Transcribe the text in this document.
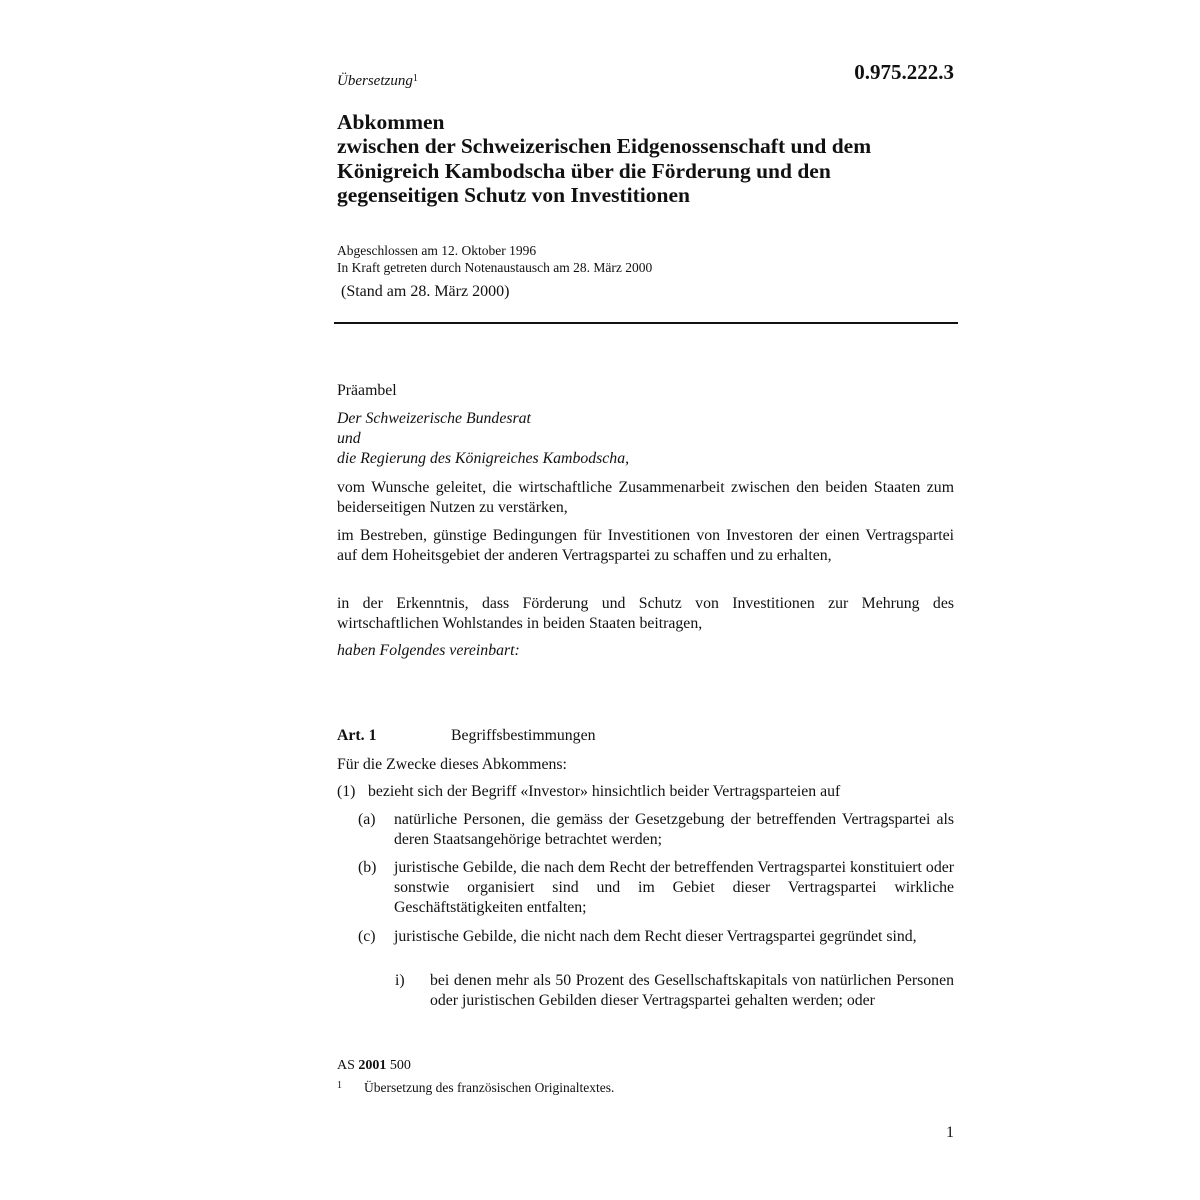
Übersetzung$^1$	0.975.222.3
Abkommen
zwischen der Schweizerischen Eidgenossenschaft und dem
Königreich Kambodscha über die Förderung und den
gegenseitigen Schutz von Investitionen
Abgeschlossen am 12. Oktober 1996
In Kraft getreten durch Notenaustausch am 28. März 2000
(Stand am 28. März 2000)
Präambel
Der Schweizerische Bundesrat
und
die Regierung des Königreiches Kambodscha,
vom Wunsche geleitet, die wirtschaftliche Zusammenarbeit zwischen den beiden Staaten zum beiderseitigen Nutzen zu verstärken,
im Bestreben, günstige Bedingungen für Investitionen von Investoren der einen Vertragspartei auf dem Hoheitsgebiet der anderen Vertragspartei zu schaffen und zu erhalten,
in der Erkenntnis, dass Förderung und Schutz von Investitionen zur Mehrung des wirtschaftlichen Wohlstandes in beiden Staaten beitragen,
haben Folgendes vereinbart:
Art. 1	Begriffsbestimmungen
Für die Zwecke dieses Abkommens:
(1) bezieht sich der Begriff «Investor» hinsichtlich beider Vertragsparteien auf
(a) natürliche Personen, die gemäss der Gesetzgebung der betreffenden Vertragspartei als deren Staatsangehörige betrachtet werden;
(b) juristische Gebilde, die nach dem Recht der betreffenden Vertragspartei konstituiert oder sonstwie organisiert sind und im Gebiet dieser Vertragspartei wirkliche Geschäftstätigkeiten entfalten;
(c) juristische Gebilde, die nicht nach dem Recht dieser Vertragspartei gegründet sind,
i) bei denen mehr als 50 Prozent des Gesellschaftskapitals von natürlichen Personen oder juristischen Gebilden dieser Vertragspartei gehalten werden; oder
AS 2001 500
$^1$ Übersetzung des französischen Originaltextes.
1
